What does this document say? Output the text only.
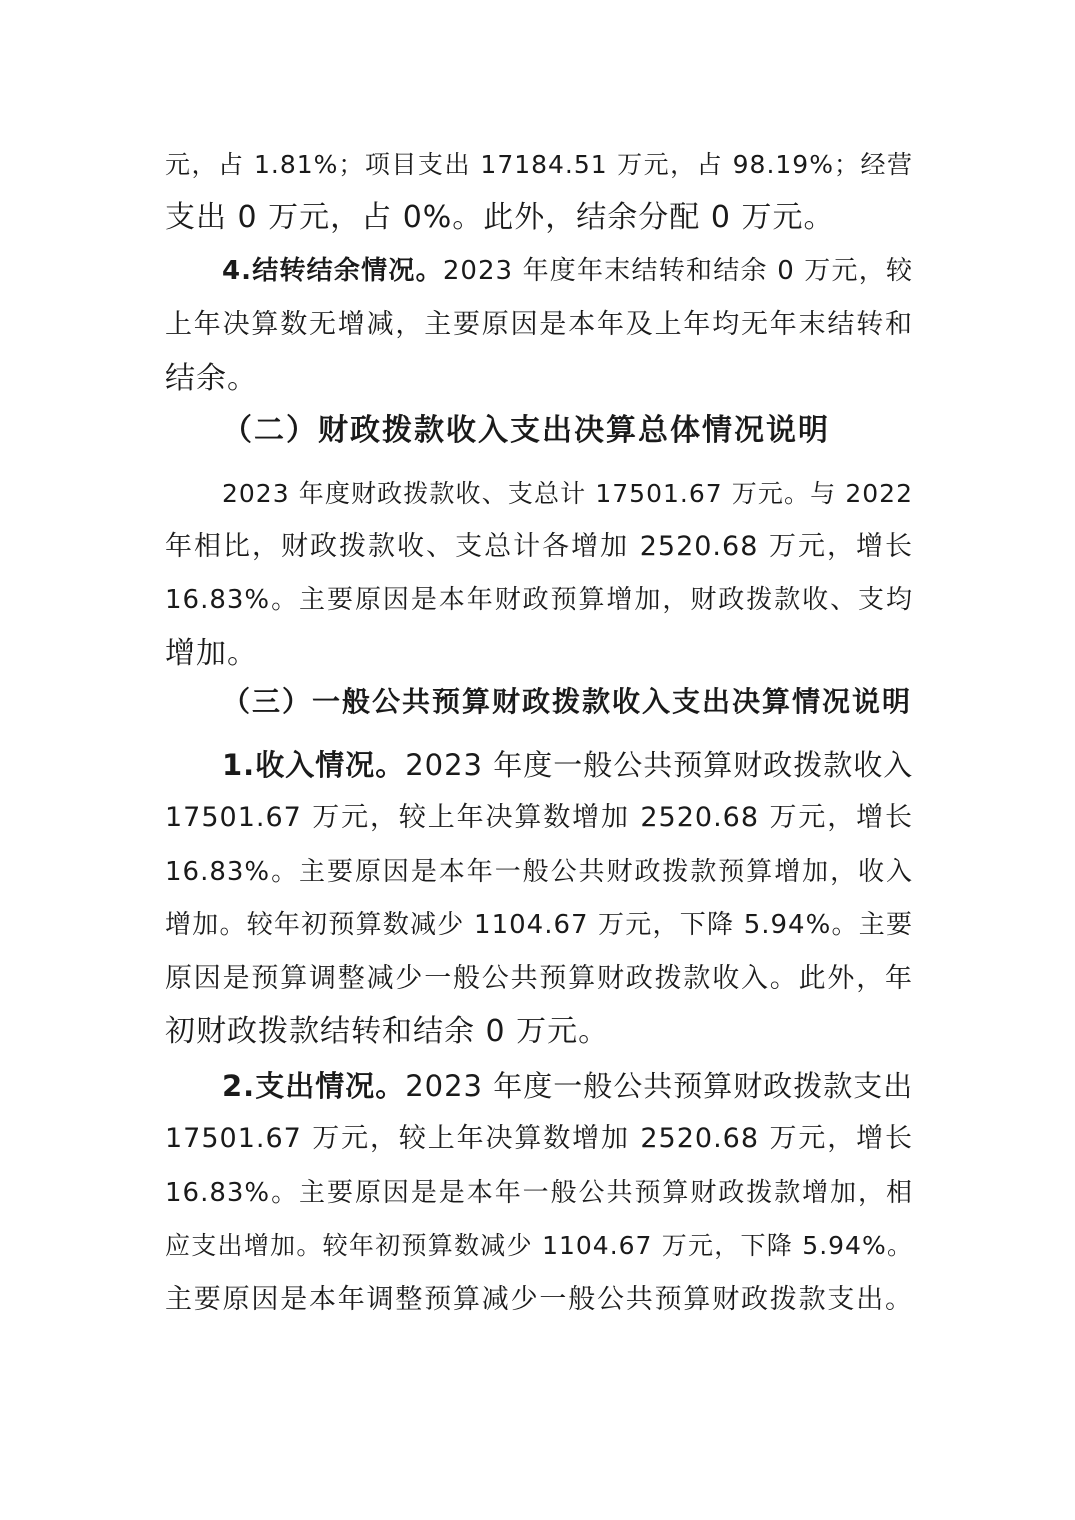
元，占 1.81%；项目支出 17184.51 万元，占 98.19%；经营
支出 0 万元，占 0%。此外，结余分配 0 万元。
4.结转结余情况。2023 年度年末结转和结余 0 万元，较
上年决算数无增减，主要原因是本年及上年均无年末结转和
结余。
（二）财政拨款收入支出决算总体情况说明
2023 年度财政拨款收、支总计 17501.67 万元。与 2022
年相比，财政拨款收、支总计各增加 2520.68 万元，增长
16.83%。主要原因是本年财政预算增加，财政拨款收、支均
增加。
（三）一般公共预算财政拨款收入支出决算情况说明
1.收入情况。2023 年度一般公共预算财政拨款收入
17501.67 万元，较上年决算数增加 2520.68 万元，增长
16.83%。主要原因是本年一般公共财政拨款预算增加，收入
增加。较年初预算数减少 1104.67 万元，下降 5.94%。主要
原因是预算调整减少一般公共预算财政拨款收入。此外，年
初财政拨款结转和结余 0 万元。
2.支出情况。2023 年度一般公共预算财政拨款支出
17501.67 万元，较上年决算数增加 2520.68 万元，增长
16.83%。主要原因是是本年一般公共预算财政拨款增加，相
应支出增加。较年初预算数减少 1104.67 万元，下降 5.94%。
主要原因是本年调整预算减少一般公共预算财政拨款支出。
